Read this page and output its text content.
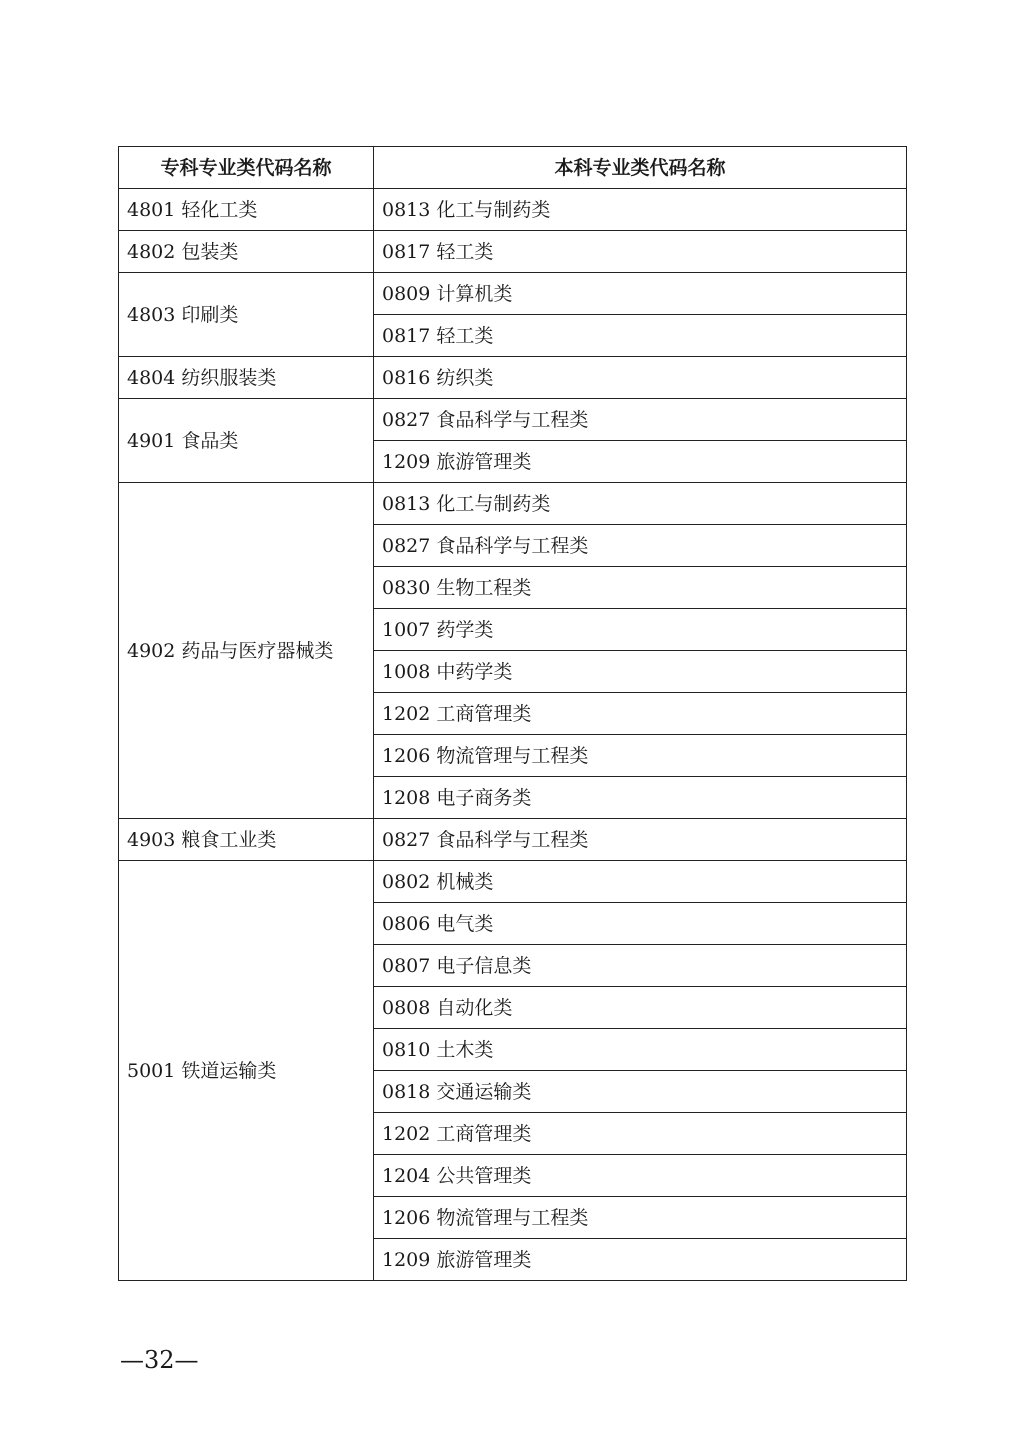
专科专业类代码名称	本科专业类代码名称
4801 轻化工类	0813 化工与制药类
4802 包装类	0817 轻工类
4803 印刷类	0809 计算机类
	0817 轻工类
4804 纺织服装类	0816 纺织类
4901 食品类	0827 食品科学与工程类
	1209 旅游管理类
4902 药品与医疗器械类	0813 化工与制药类
	0827 食品科学与工程类
	0830 生物工程类
	1007 药学类
	1008 中药学类
	1202 工商管理类
	1206 物流管理与工程类
	1208 电子商务类
4903 粮食工业类	0827 食品科学与工程类
5001 铁道运输类	0802 机械类
	0806 电气类
	0807 电子信息类
	0808 自动化类
	0810 土木类
	0818 交通运输类
	1202 工商管理类
	1204 公共管理类
	1206 物流管理与工程类
	1209 旅游管理类
—32—
